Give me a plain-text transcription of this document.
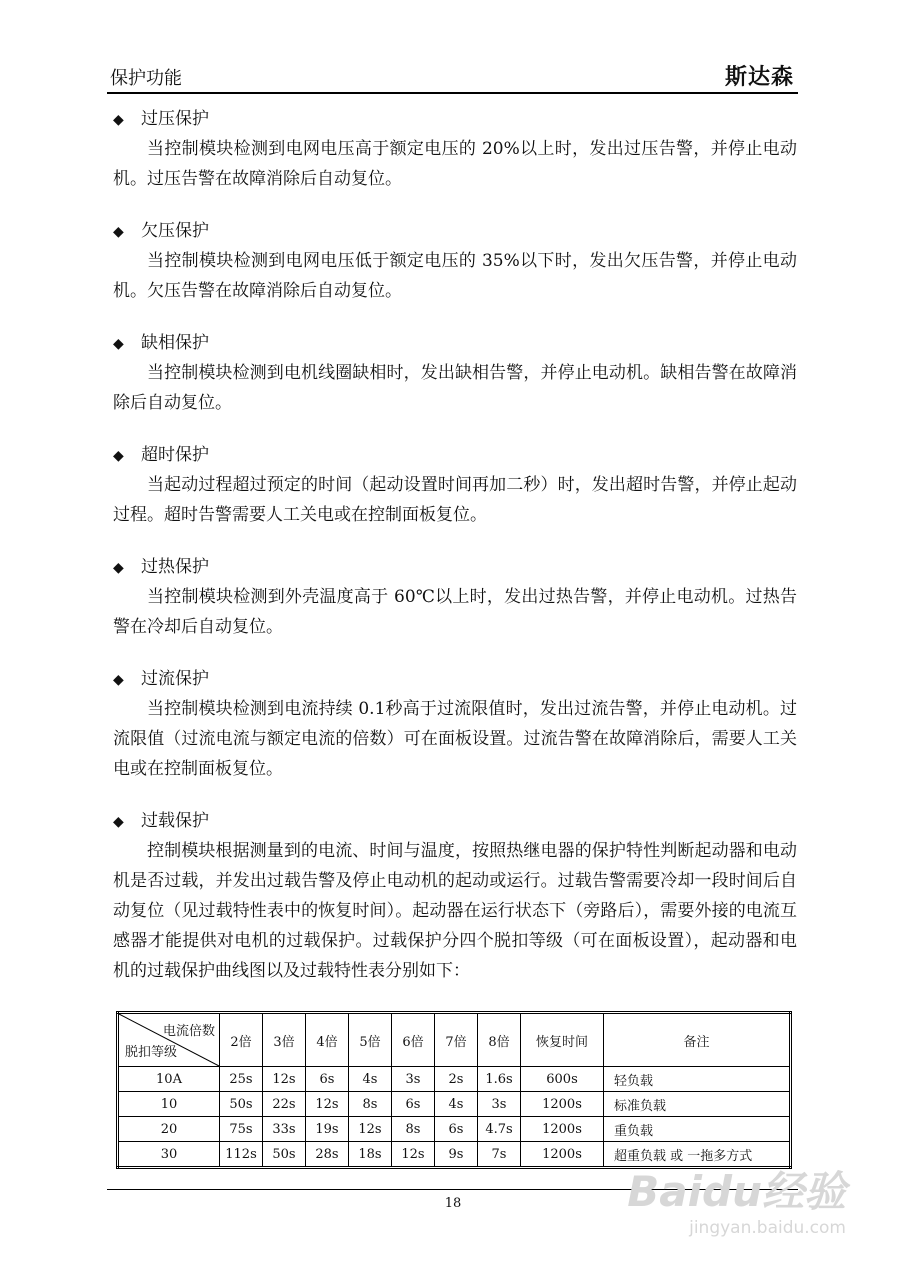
保护功能	斯达森
◆ 过压保护

当控制模块检测到电网电压高于额定电压的 20%以上时，发出过压告警，并停止电动机。过压告警在故障消除后自动复位。

◆ 欠压保护

当控制模块检测到电网电压低于额定电压的 35%以下时，发出欠压告警，并停止电动机。欠压告警在故障消除后自动复位。

◆ 缺相保护

当控制模块检测到电机线圈缺相时，发出缺相告警，并停止电动机。缺相告警在故障消除后自动复位。

◆ 超时保护

当起动过程超过预定的时间（起动设置时间再加二秒）时，发出超时告警，并停止起动过程。超时告警需要人工关电或在控制面板复位。

◆ 过热保护

当控制模块检测到外壳温度高于 60℃以上时，发出过热告警，并停止电动机。过热告警在冷却后自动复位。

◆ 过流保护

当控制模块检测到电流持续 0.1秒高于过流限值时，发出过流告警，并停止电动机。过流限值（过流电流与额定电流的倍数）可在面板设置。过流告警在故障消除后，需要人工关电或在控制面板复位。

◆ 过载保护

控制模块根据测量到的电流、时间与温度，按照热继电器的保护特性判断起动器和电动机是否过载，并发出过载告警及停止电动机的起动或运行。过载告警需要冷却一段时间后自动复位（见过载特性表中的恢复时间）。起动器在运行状态下（旁路后），需要外接的电流互感器才能提供对电机的过载保护。过载保护分四个脱扣等级（可在面板设置），起动器和电机的过载保护曲线图以及过载特性表分别如下：

电流倍数
脱扣等级	2倍	3倍	4倍	5倍	6倍	7倍	8倍	恢复时间	备注
10A	25s	12s	6s	4s	3s	2s	1.6s	600s	轻负载
10	50s	22s	12s	8s	6s	4s	3s	1200s	标准负载
20	75s	33s	19s	12s	8s	6s	4.7s	1200s	重负载
30	112s	50s	28s	18s	12s	9s	7s	1200s	超重负载 或 一拖多方式
18	Baidu经验
jingyan.baidu.com
